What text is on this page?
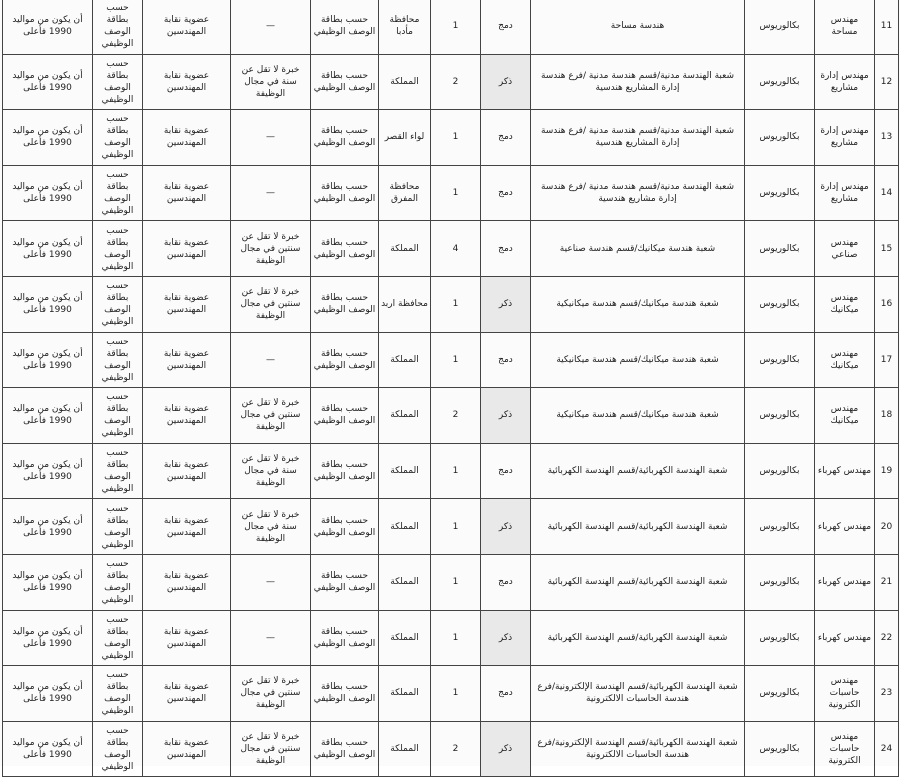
أن يكون من مواليد 1990 فأعلى	حسب بطاقة الوصف الوظيفي	عضوية نقابة المهندسين	—	حسب بطاقة الوصف الوظيفي	محافظة مأدبا	1	دمج	هندسة مساحة	بكالوريوس	مهندس مساحة	11
أن يكون من مواليد 1990 فأعلى	حسب بطاقة الوصف الوظيفي	عضوية نقابة المهندسين	خبرة لا تقل عن سنة في مجال الوظيفة	حسب بطاقة الوصف الوظيفي	المملكة	2	ذكر	شعبة الهندسة مدنية/قسم هندسة مدنية /فرع هندسة إدارة المشاريع هندسية	بكالوريوس	مهندس إدارة مشاريع	12
أن يكون من مواليد 1990 فأعلى	حسب بطاقة الوصف الوظيفي	عضوية نقابة المهندسين	—	حسب بطاقة الوصف الوظيفي	لواء القصر	1	دمج	شعبة الهندسة مدنية/قسم هندسة مدنية /فرع هندسة إدارة المشاريع هندسية	بكالوريوس	مهندس إدارة مشاريع	13
أن يكون من مواليد 1990 فأعلى	حسب بطاقة الوصف الوظيفي	عضوية نقابة المهندسين	—	حسب بطاقة الوصف الوظيفي	محافظة المفرق	1	دمج	شعبة الهندسة مدنية/قسم هندسة مدنية /فرع هندسة إدارة مشاريع هندسية	بكالوريوس	مهندس إدارة مشاريع	14
أن يكون من مواليد 1990 فأعلى	حسب بطاقة الوصف الوظيفي	عضوية نقابة المهندسين	خبرة لا تقل عن سنتين في مجال الوظيفة	حسب بطاقة الوصف الوظيفي	المملكة	4	دمج	شعبة هندسة ميكانيك/قسم هندسة صناعية	بكالوريوس	مهندس صناعي	15
أن يكون من مواليد 1990 فأعلى	حسب بطاقة الوصف الوظيفي	عضوية نقابة المهندسين	خبرة لا تقل عن سنتين في مجال الوظيفة	حسب بطاقة الوصف الوظيفي	محافظة اربد	1	ذكر	شعبة هندسة ميكانيك/قسم هندسة ميكانيكية	بكالوريوس	مهندس ميكانيك	16
أن يكون من مواليد 1990 فأعلى	حسب بطاقة الوصف الوظيفي	عضوية نقابة المهندسين	—	حسب بطاقة الوصف الوظيفي	المملكة	1	دمج	شعبة هندسة ميكانيك/قسم هندسة ميكانيكية	بكالوريوس	مهندس ميكانيك	17
أن يكون من مواليد 1990 فأعلى	حسب بطاقة الوصف الوظيفي	عضوية نقابة المهندسين	خبرة لا تقل عن سنتين في مجال الوظيفة	حسب بطاقة الوصف الوظيفي	المملكة	2	ذكر	شعبة هندسة ميكانيك/قسم هندسة ميكانيكية	بكالوريوس	مهندس ميكانيك	18
أن يكون من مواليد 1990 فأعلى	حسب بطاقة الوصف الوظيفي	عضوية نقابة المهندسين	خبرة لا تقل عن سنة في مجال الوظيفة	حسب بطاقة الوصف الوظيفي	المملكة	1	دمج	شعبة الهندسة الكهربائية/قسم الهندسة الكهربائية	بكالوريوس	مهندس كهرباء	19
أن يكون من مواليد 1990 فأعلى	حسب بطاقة الوصف الوظيفي	عضوية نقابة المهندسين	خبرة لا تقل عن سنة في مجال الوظيفة	حسب بطاقة الوصف الوظيفي	المملكة	1	ذكر	شعبة الهندسة الكهربائية/قسم الهندسة الكهربائية	بكالوريوس	مهندس كهرباء	20
أن يكون من مواليد 1990 فأعلى	حسب بطاقة الوصف الوظيفي	عضوية نقابة المهندسين	—	حسب بطاقة الوصف الوظيفي	المملكة	1	دمج	شعبة الهندسة الكهربائية/قسم الهندسة الكهربائية	بكالوريوس	مهندس كهرباء	21
أن يكون من مواليد 1990 فأعلى	حسب بطاقة الوصف الوظيفي	عضوية نقابة المهندسين	—	حسب بطاقة الوصف الوظيفي	المملكة	1	ذكر	شعبة الهندسة الكهربائية/قسم الهندسة الكهربائية	بكالوريوس	مهندس كهرباء	22
أن يكون من مواليد 1990 فأعلى	حسب بطاقة الوصف الوظيفي	عضوية نقابة المهندسين	خبرة لا تقل عن سنتين في مجال الوظيفة	حسب بطاقة الوصف الوظيفي	المملكة	1	دمج	شعبة الهندسة الكهربائية/قسم الهندسة الإلكترونية/فرع هندسة الحاسبات الالكترونية	بكالوريوس	مهندس حاسبات الكترونية	23
أن يكون من مواليد 1990 فأعلى	حسب بطاقة الوصف الوظيفي	عضوية نقابة المهندسين	خبرة لا تقل عن سنتين في مجال الوظيفة	حسب بطاقة الوصف الوظيفي	المملكة	2	ذكر	شعبة الهندسة الكهربائية/قسم الهندسة الإلكترونية/فرع هندسة الحاسبات الالكترونية	بكالوريوس	مهندس حاسبات الكترونية	24
